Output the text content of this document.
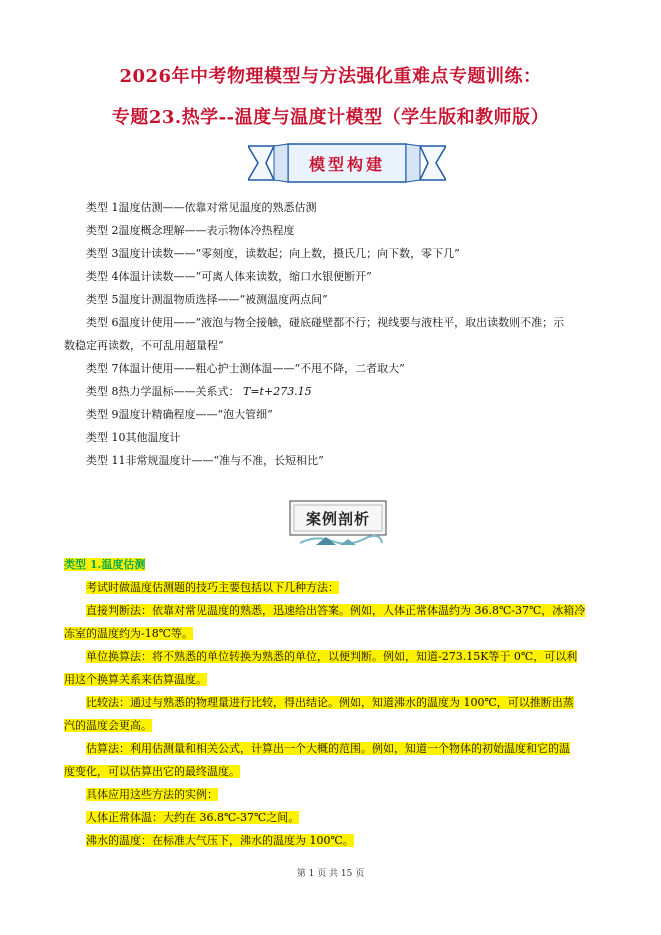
2026年中考物理模型与方法强化重难点专题训练：
专题23.热学--温度与温度计模型（学生版和教师版）
模型构建
类型 1温度估测——依靠对常见温度的熟悉估测
类型 2温度概念理解——表示物体冷热程度
类型 3温度计读数——“零刻度，读数起；向上数，摄氏几；向下数，零下几”
类型 4体温计读数——“可离人体来读数，缩口水银便断开”
类型 5温度计测温物质选择——“被测温度两点间”
类型 6温度计使用——“液泡与物全接触，碰底碰壁都不行；视线要与液柱平，取出读数则不准；示
数稳定再读数，不可乱用超量程”
类型 7体温计使用——粗心护士测体温——“不甩不降，二者取大”
类型 8热力学温标——关系式： T=t+273.15
类型 9温度计精确程度——“泡大管细”
类型 10其他温度计
类型 11非常规温度计——“准与不准，长短相比”
案例剖析

类型 1.温度估测

考试时做温度估测题的技巧主要包括以下几种方法：

直接判断法：依靠对常见温度的熟悉，迅速给出答案。例如，人体正常体温约为 36.8℃-37℃，冰箱冷

冻室的温度约为-18℃等。

单位换算法：将不熟悉的单位转换为熟悉的单位，以便判断。例如，知道-273.15K等于 0℃，可以利

用这个换算关系来估算温度。

比较法：通过与熟悉的物理量进行比较，得出结论。例如，知道沸水的温度为 100℃，可以推断出蒸

汽的温度会更高。

估算法：利用估测量和相关公式，计算出一个大概的范围。例如，知道一个物体的初始温度和它的温

度变化，可以估算出它的最终温度。

具体应用这些方法的实例：

人体正常体温：大约在 36.8℃-37℃之间。

沸水的温度：在标准大气压下，沸水的温度为 100℃。

第 1 页 共 15 页
